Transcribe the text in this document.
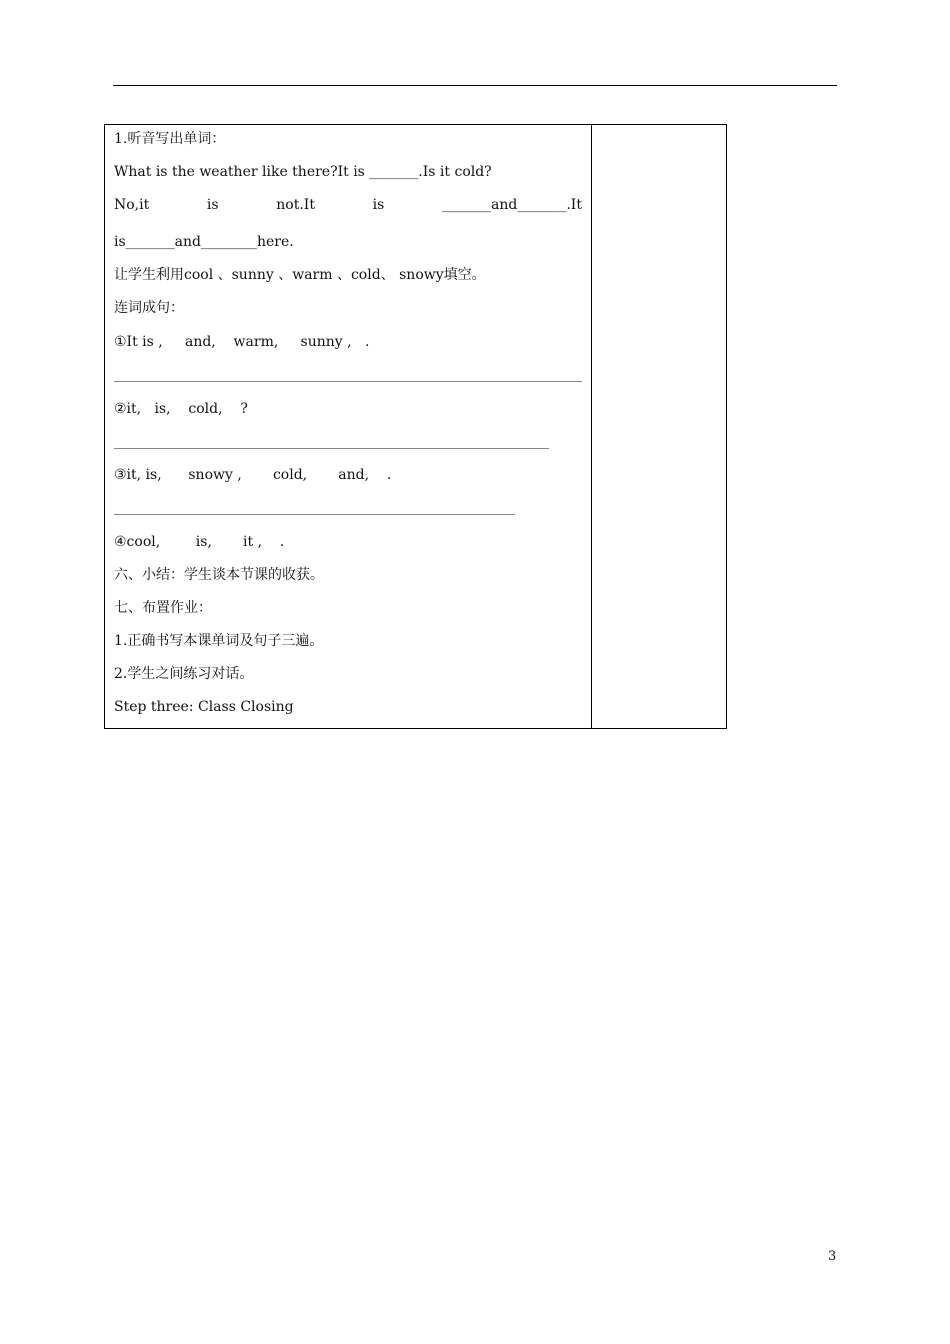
1.听音写出单词：
What is the weather like there?It is _______.Is it cold?
No,it	is	not.It	is	_______and_______.It
is_______and________here.
让学生利用cool 、sunny 、warm 、cold、 snowy填空。
连词成句：
①It is ,     and,    warm,     sunny ,   .
②it,   is,    cold,    ?
③it, is,      snowy ,       cold,       and,    .
④cool,        is,       it ,    .
六、小结：学生谈本节课的收获。
七、布置作业：
1.正确书写本课单词及句子三遍。
2.学生之间练习对话。
Step three: Class Closing
3
